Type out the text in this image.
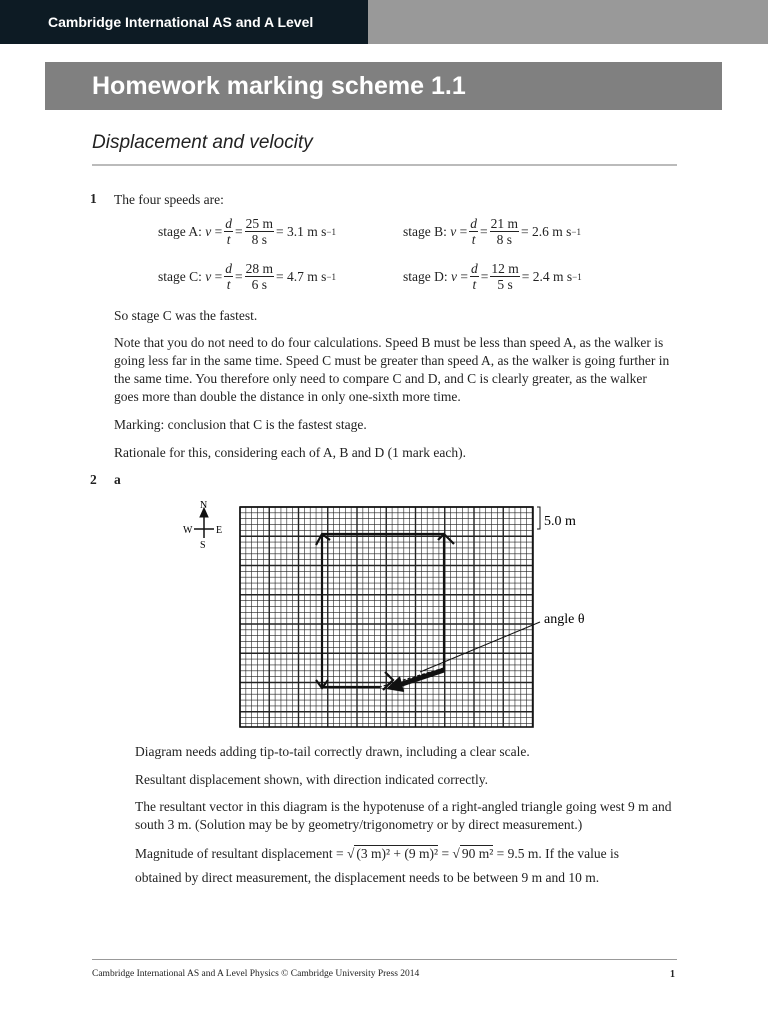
Cambridge International AS and A Level
Homework marking scheme 1.1
Displacement and velocity
1 The four speeds are:
stage A:
v
= $\frac{d}{t} = \frac{25 m}{8 s}$ =
3.1 m s −1	stage B:
v
= $\frac{d}{t} = \frac{21 m}{8 s}$ =
2.6 m s −1
stage C:
v
= $\frac{d}{t} = \frac{28 m}{6 s}$ =
4.7 m s −1	stage D:
v
= $\frac{d}{t} = \frac{12 m}{5 s}$ =
2.4 m s −1
So stage C was the fastest.
Note that you do not need to do four calculations. Speed B must be less than speed A, as the walker is going less far in the same time. Speed C must be greater than speed A, as the walker is going further in the same time. You therefore only need to compare C and D, and C is clearly greater, as the walker goes more than double the distance in only one-sixth more time.
Marking: conclusion that C is the fastest stage.
Rationale for this, considering each of A, B and D (1 mark each).
2 a
N
S
E
W
5.0 m
angle θ
Diagram needs adding tip-to-tail correctly drawn, including a clear scale.
Resultant displacement shown, with direction indicated correctly.
The resultant vector in this diagram is the hypotenuse of a right-angled triangle going west 9 m and south 3 m. (Solution may be by geometry/trigonometry or by direct measurement.)
Magnitude of resultant displacement = √ (3 m)² + (9 m)² = √ 90 m²
= 9.5 m. If the value is
obtained by direct measurement, the displacement needs to be between 9 m and 10 m.
Cambridge International AS and A Level Physics © Cambridge University Press 2014	1
